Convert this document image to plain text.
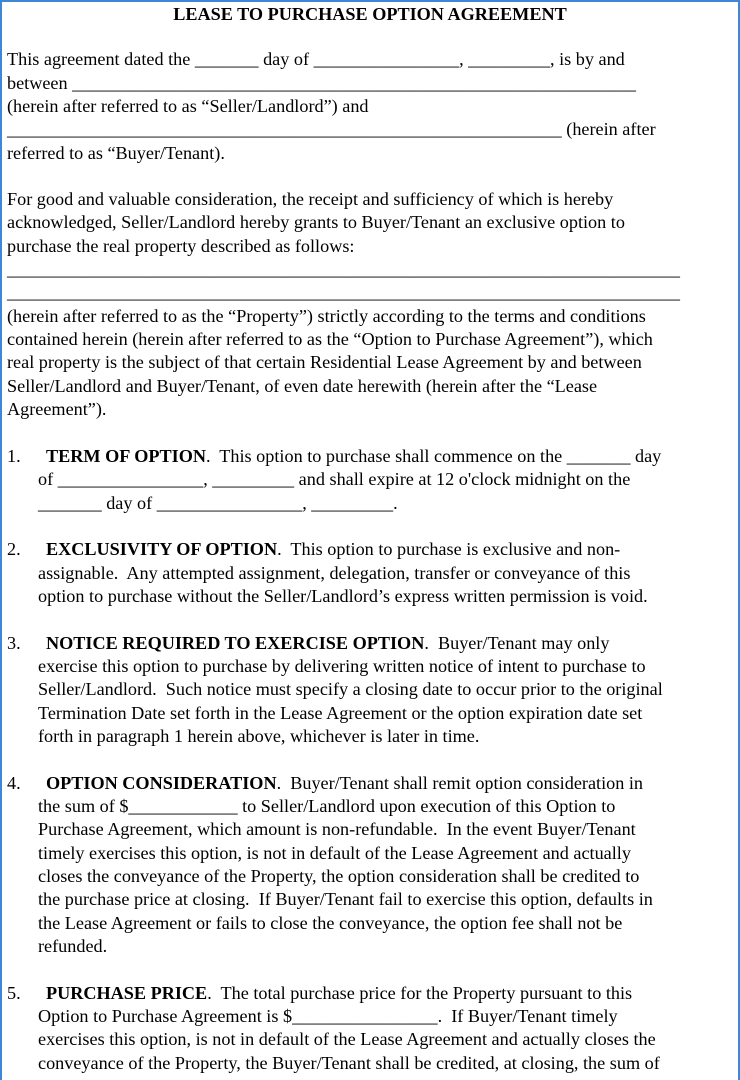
LEASE TO PURCHASE OPTION AGREEMENT
This agreement dated the _______ day of ________________, _________, is by and
between ______________________________________________________________
(herein after referred to as “Seller/Landlord”) and
_____________________________________________________________ (herein after
referred to as “Buyer/Tenant).
For good and valuable consideration, the receipt and sufficiency of which is hereby
acknowledged, Seller/Landlord hereby grants to Buyer/Tenant an exclusive option to
purchase the real property described as follows:
__________________________________________________________________________
__________________________________________________________________________
(herein after referred to as the “Property”) strictly according to the terms and conditions
contained herein (herein after referred to as the “Option to Purchase Agreement”), which
real property is the subject of that certain Residential Lease Agreement by and between
Seller/Landlord and Buyer/Tenant, of even date herewith (herein after the “Lease
Agreement”).
1. TERM OF OPTION.  This option to purchase shall commence on the _______ day
of ________________, _________ and shall expire at 12 o'clock midnight on the
_______ day of ________________, _________.
2. EXCLUSIVITY OF OPTION.  This option to purchase is exclusive and non-
assignable.  Any attempted assignment, delegation, transfer or conveyance of this
option to purchase without the Seller/Landlord’s express written permission is void.
3. NOTICE REQUIRED TO EXERCISE OPTION.  Buyer/Tenant may only
exercise this option to purchase by delivering written notice of intent to purchase to
Seller/Landlord.  Such notice must specify a closing date to occur prior to the original
Termination Date set forth in the Lease Agreement or the option expiration date set
forth in paragraph 1 herein above, whichever is later in time.
4. OPTION CONSIDERATION.  Buyer/Tenant shall remit option consideration in
the sum of $____________ to Seller/Landlord upon execution of this Option to
Purchase Agreement, which amount is non-refundable.  In the event Buyer/Tenant
timely exercises this option, is not in default of the Lease Agreement and actually
closes the conveyance of the Property, the option consideration shall be credited to
the purchase price at closing.  If Buyer/Tenant fail to exercise this option, defaults in
the Lease Agreement or fails to close the conveyance, the option fee shall not be
refunded.
5. PURCHASE PRICE.  The total purchase price for the Property pursuant to this
Option to Purchase Agreement is $________________.  If Buyer/Tenant timely
exercises this option, is not in default of the Lease Agreement and actually closes the
conveyance of the Property, the Buyer/Tenant shall be credited, at closing, the sum of
